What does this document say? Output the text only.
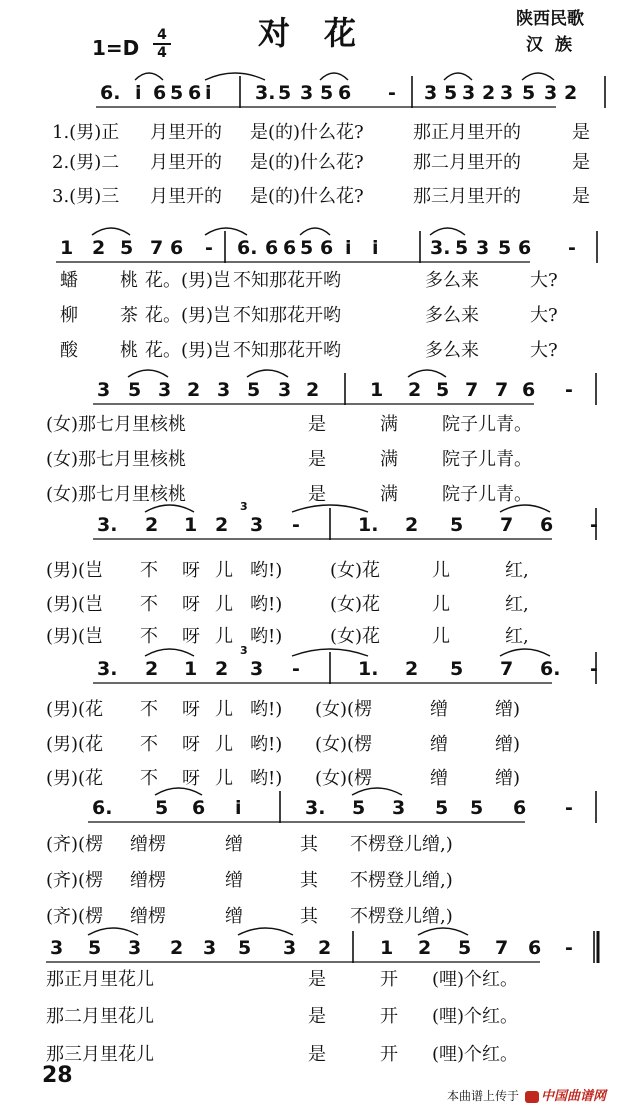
1=D
4
4
对花	陕西民歌
汉族
6. i 6 5 6 i 3. 5 3 5 6 - 3 5 3 2 3 5 3 2
1.(男)正 月里开的 是(的)什么花?	那正月里开的	是
2.(男)二 月里开的 是(的)什么花?	那二月里开的	是
3.(男)三 月里开的 是(的)什么花?	那三月里开的	是
1 2 5 7 6 - 6. 6 6 5 6 i i	3. 5 3 5 6 -
蟠 桃 花。(男)岂 不知那花开哟	多么来	大?
柳 茶 花。(男)岂 不知那花开哟	多么来	大?
酸 桃 花。(男)岂 不知那花开哟	多么来	大?
3 5 3 2 3 5 3 2	1 2 5 7 7 6 -
(女)那七月里核桃	是	满 院子儿青。
(女)那七月里核桃	是	满 院子儿青。
(女)那七月里核桃	是	满 院子儿青。
3. 2 1 2 3 -	1. 2 5 7 6 -
3
(男)(岂 不 呀 儿 哟!)	(女)花	儿	红,
(男)(岂 不 呀 儿 哟!)	(女)花	儿	红,
(男)(岂 不 呀 儿 哟!)	(女)花	儿	红,
3. 2 1 2 3 -	1. 2 5 7 6. -
3
(男)(花 不 呀 儿 哟!) (女)(楞	缯	缯)
(男)(花 不 呀 儿 哟!) (女)(楞	缯	缯)
(男)(花 不 呀 儿 哟!) (女)(楞	缯	缯)
6. 5 6 i	3. 5 3 5 5 6 -
(齐)(楞 缯楞	缯	其 不楞登儿缯,)
(齐)(楞 缯楞	缯	其 不楞登儿缯,)
(齐)(楞 缯楞	缯	其 不楞登儿缯,)
3 5 3 2 3 5 3 2	1 2 5 7 6 -
那正月里花儿	是	开 (哩)个红。
那二月里花儿	是	开 (哩)个红。
那三月里花儿	是	开 (哩)个红。
28
本曲谱上传于 中国曲谱网
